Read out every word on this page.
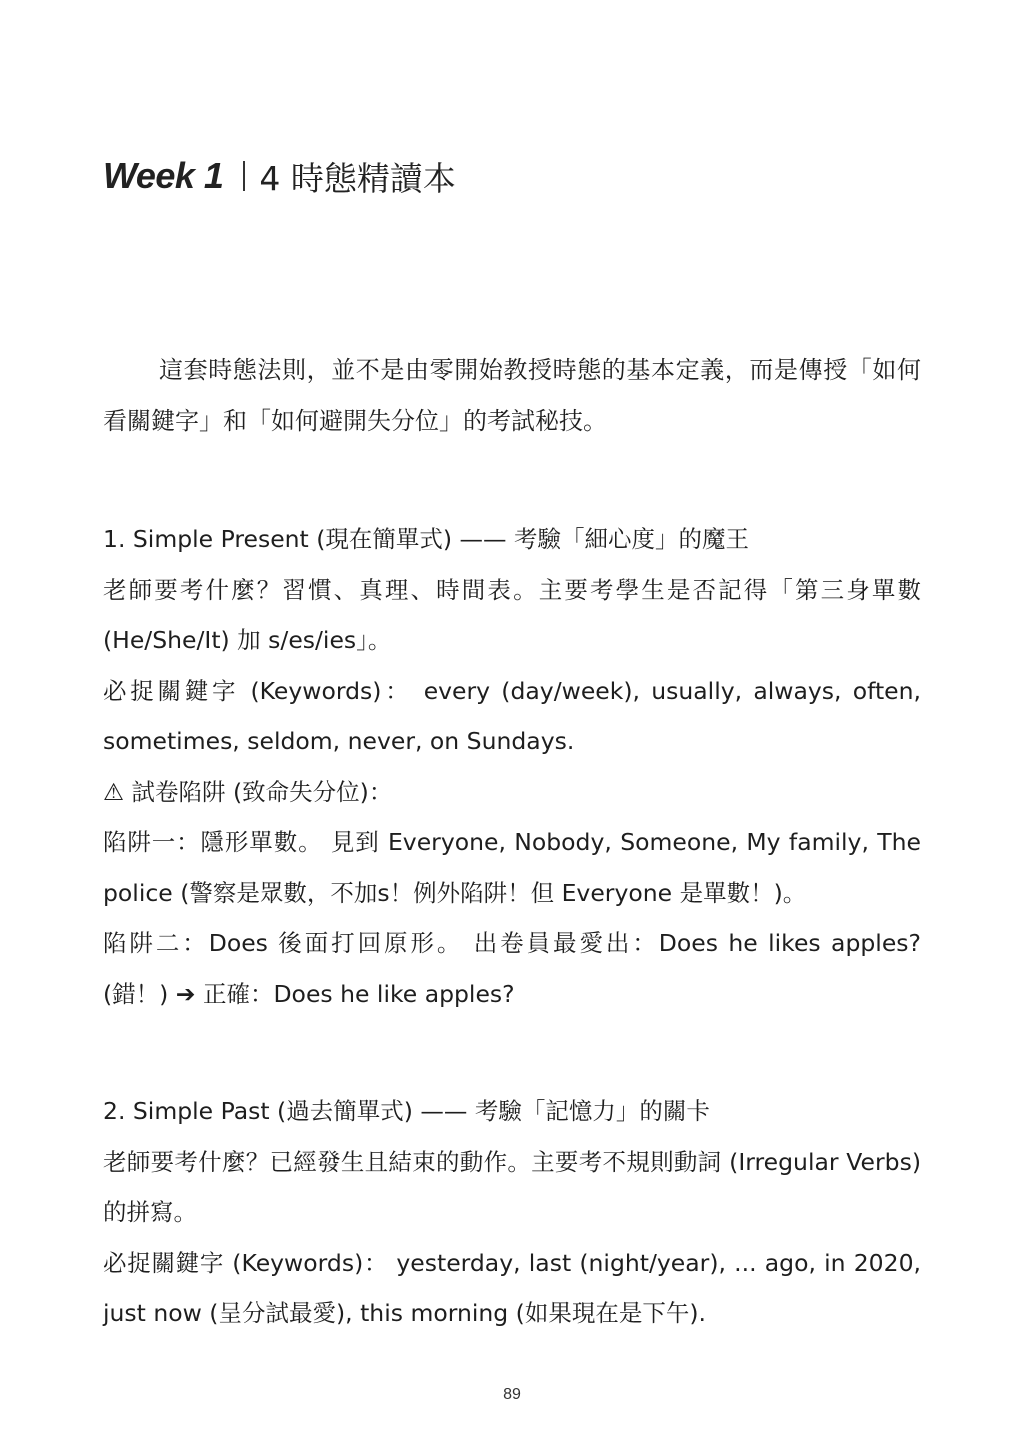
Week 1 4 時態精讀本

這套時態法則，並不是由零開始教授時態的基本定義，而是傳授「如何看關鍵字」和「如何避開失分位」的考試秘技。

1. Simple Present (現在簡單式) —— 考驗「細心度」的魔王
老師要考什麼？習慣、真理、時間表。主要考學生是否記得「第三身單數 (He/She/It) 加 s/es/ies」。
必捉關鍵字 (Keywords)： every (day/week), usually, always, often, sometimes, seldom, never, on Sundays.
⚠ 試卷陷阱 (致命失分位)：
陷阱一：隱形單數。 見到 Everyone, Nobody, Someone, My family, The police (警察是眾數，不加s！例外陷阱！但 Everyone 是單數！)。
陷阱二：Does 後面打回原形。 出卷員最愛出：Does he likes apples? (錯！) ➔ 正確：Does he like apples?
2. Simple Past (過去簡單式) —— 考驗「記憶力」的關卡
老師要考什麼？已經發生且結束的動作。主要考不規則動詞 (Irregular Verbs) 的拼寫。
必捉關鍵字 (Keywords)： yesterday, last (night/year), ... ago, in 2020, just now (呈分試最愛), this morning (如果現在是下午).
89
